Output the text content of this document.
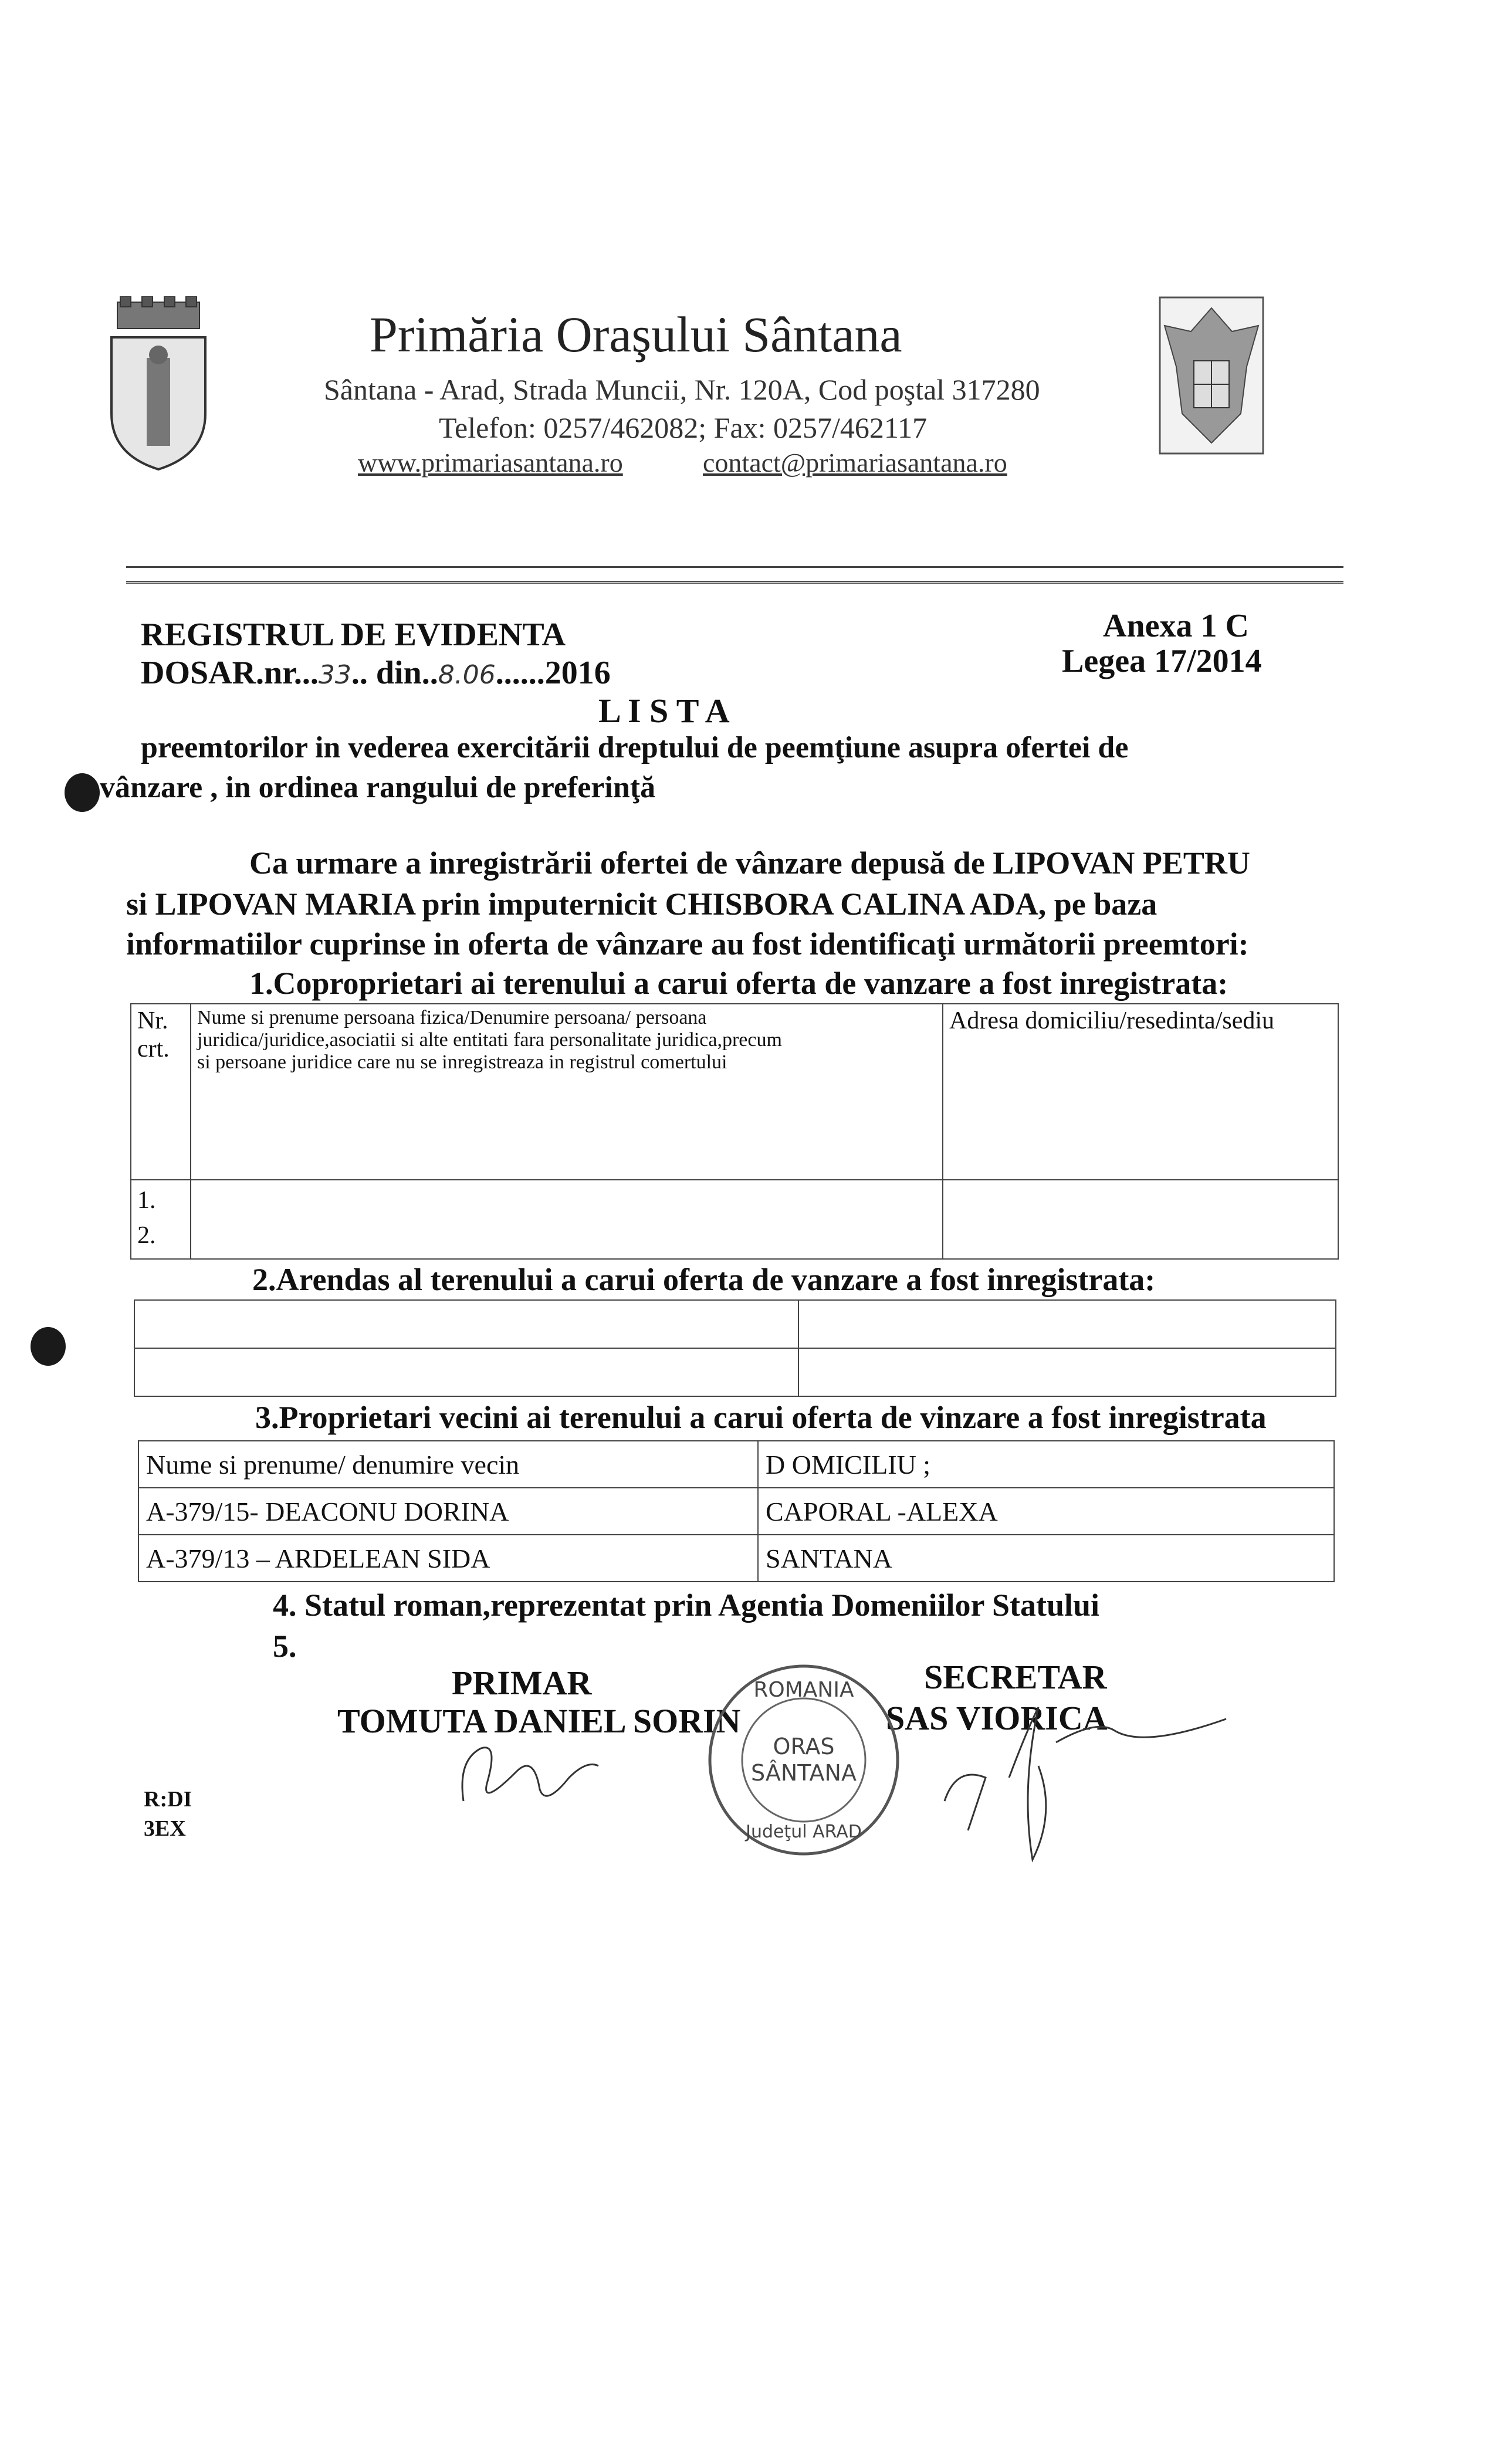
Primăria Oraşului Sântana
Sântana - Arad, Strada Muncii, Nr. 120A, Cod poştal 317280
Telefon: 0257/462082; Fax: 0257/462117
www.primariasantana.ro	contact@primariasantana.ro
REGISTRUL DE EVIDENTA
DOSAR.nr...33.. din..8.06......2016
Anexa 1 C
Legea 17/2014
L I S T A
preemtorilor in vederea exercitării dreptului de peemţiune asupra ofertei de
vânzare , in ordinea rangului de preferinţă
Ca urmare a inregistrării ofertei de vânzare depusă de LIPOVAN PETRU
si LIPOVAN MARIA prin imputernicit CHISBORA CALINA ADA, pe baza
informatiilor cuprinse in oferta de vânzare au fost identificaţi următorii preemtori:
1.Coproprietari ai terenului a carui oferta de vanzare a fost inregistrata:
Nr. crt.	Nume si prenume persoana fizica/Denumire persoana/ persoana
juridica/juridice,asociatii si alte entitati fara personalitate juridica,precum
si persoane juridice care nu se inregistreaza in registrul comertului	Adresa domiciliu/resedinta/sediu

1.
2.		

2.Arendas al terenului a carui oferta de vanzare a fost inregistrata:

3.Proprietari vecini ai terenului a carui oferta de vinzare a fost inregistrata
Nume si prenume/ denumire vecin	D OMICILIU ;
A-379/15- DEACONU DORINA	CAPORAL -ALEXA
A-379/13 – ARDELEAN SIDA	SANTANA
4. Statul roman,reprezentat prin Agentia Domeniilor Statului
5.
PRIMAR
TOMUTA DANIEL SORIN
SECRETAR
SAS VIORICA
ROMANIA
ORAS
SÂNTANA
Judeţul ARAD
R:DI
3EX
